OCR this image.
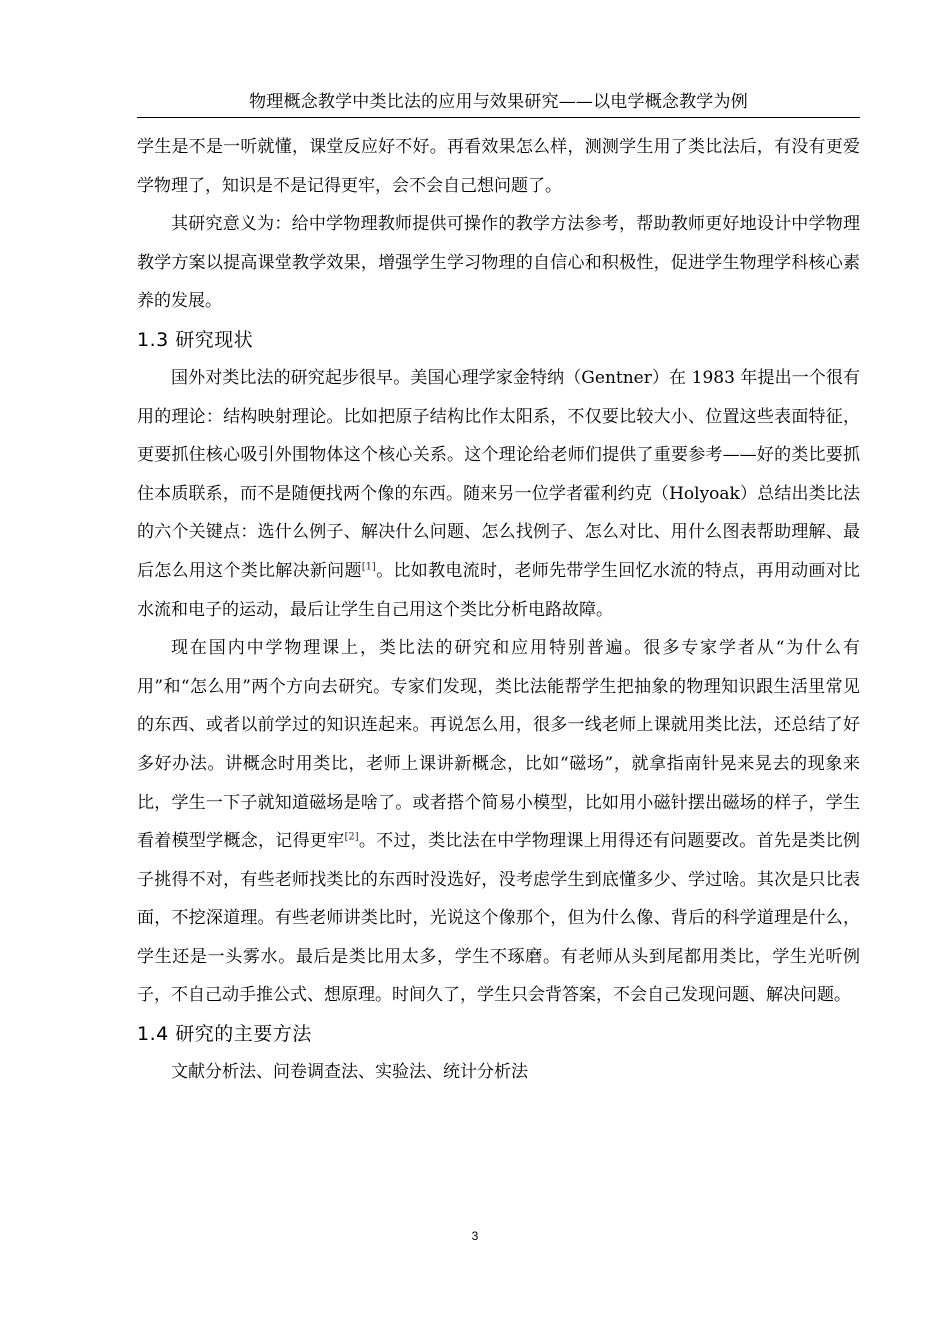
物理概念教学中类比法的应用与效果研究——以电学概念教学为例

学生是不是一听就懂，课堂反应好不好。再看效果怎么样，测测学生用了类比法后，有没有更爱学物理了，知识是不是记得更牢，会不会自己想问题了。

其研究意义为：给中学物理教师提供可操作的教学方法参考，帮助教师更好地设计中学物理教学方案以提高课堂教学效果，增强学生学习物理的自信心和积极性，促进学生物理学科核心素养的发展。

1.3 研究现状

国外对类比法的研究起步很早。美国心理学家金特纳（Gentner）在 1983 年提出一个很有用的理论：结构映射理论。比如把原子结构比作太阳系，不仅要比较大小、位置这些表面特征，更要抓住核心吸引外围物体这个核心关系。这个理论给老师们提供了重要参考——好的类比要抓住本质联系，而不是随便找两个像的东西。随来另一位学者霍利约克（Holyoak）总结出类比法的六个关键点：选什么例子、解决什么问题、怎么找例子、怎么对比、用什么图表帮助理解、最后怎么用这个类比解决新问题[1]。比如教电流时，老师先带学生回忆水流的特点，再用动画对比水流和电子的运动，最后让学生自己用这个类比分析电路故障。

现在国内中学物理课上，类比法的研究和应用特别普遍。很多专家学者从“为什么有用”和“怎么用”两个方向去研究。专家们发现，类比法能帮学生把抽象的物理知识跟生活里常见的东西、或者以前学过的知识连起来。再说怎么用，很多一线老师上课就用类比法，还总结了好多好办法。讲概念时用类比，老师上课讲新概念，比如“磁场”，就拿指南针晃来晃去的现象来比，学生一下子就知道磁场是啥了。或者搭个简易小模型，比如用小磁针摆出磁场的样子，学生看着模型学概念，记得更牢[2]。不过，类比法在中学物理课上用得还有问题要改。首先是类比例子挑得不对，有些老师找类比的东西时没选好，没考虑学生到底懂多少、学过啥。其次是只比表面，不挖深道理。有些老师讲类比时，光说这个像那个，但为什么像、背后的科学道理是什么，学生还是一头雾水。最后是类比用太多，学生不琢磨。有老师从头到尾都用类比，学生光听例子，不自己动手推公式、想原理。时间久了，学生只会背答案，不会自己发现问题、解决问题。

1.4 研究的主要方法

文献分析法、问卷调查法、实验法、统计分析法

3
